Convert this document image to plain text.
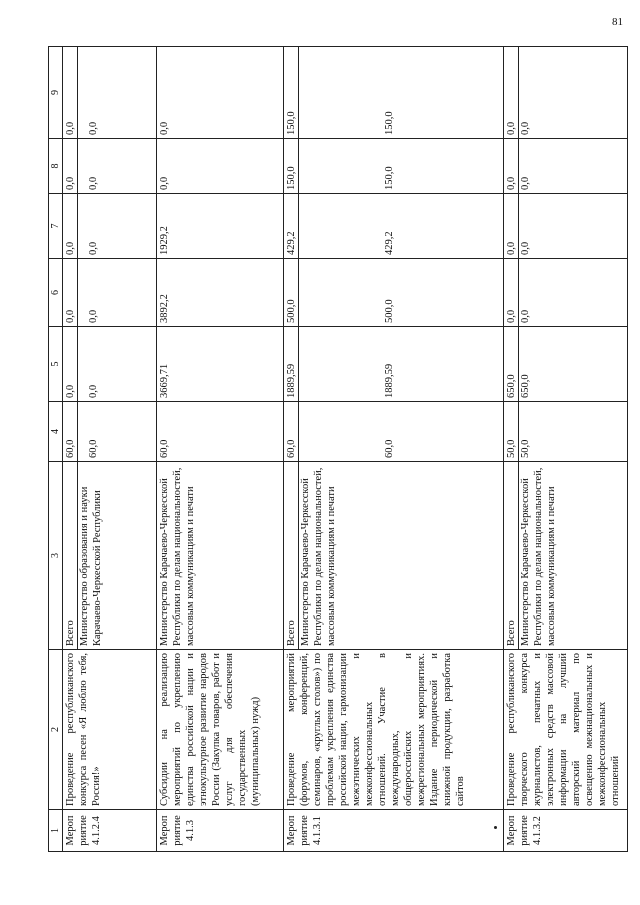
81
1	2	3	4	5	6	7	8	9
Мероприятие 4.1.2.4	Проведение республиканского конкурса песен «Я люблю тебя, Россия!»	Всего Министерство образования и науки Карачаево-Черкесской Республики	60,0 60,0	0,0 0,0	0,0 0,0	0,0 0,0	0,0 0,0	0,0 0,0

Мероприятие 4.1.3	Субсидии на реализацию мероприятий по укреплению единства российской нации и этнокультурное развитие народов России (Закупка товаров, работ и услуг для обеспечения государственных (муниципальных) нужд)	Министерство Карачаево-Черкесской Республики по делам национальностей, массовым коммуникациям и печати	60,0	3669,71	3892,2	1929,2	0,0	0,0
Мероприятие 4.1.3.1	Проведение мероприятий (форумов, конференций, семинаров, «круглых столов») по проблемам укрепления единства российской нации, гармонизации межэтнических и межконфессиональных отношений. Участие в международных, общероссийских и межрегиональных мероприятиях. Издание периодической и книжной продукции, разработка сайтов	Всего Министерство Карачаево-Черкесской Республики по делам национальностей, массовым коммуникациям и печати	60,0 60,0	1889,59 1889,59	500,0 500,0	429,2 429,2	150,0 150,0	150,0 150,0

Мероприятие 4.1.3.2	Проведение республиканского творческого конкурса журналистов, печатных и электронных средств массовой информации на лучший авторский материал по освещению межнациональных и межконфессиональных отношений	Всего Министерство Карачаево-Черкесской Республики по делам национальностей, массовым коммуникациям и печати	50,0 50,0	650,0 650,0	0,0 0,0	0,0 0,0	0,0 0,0	0,0 0,0
